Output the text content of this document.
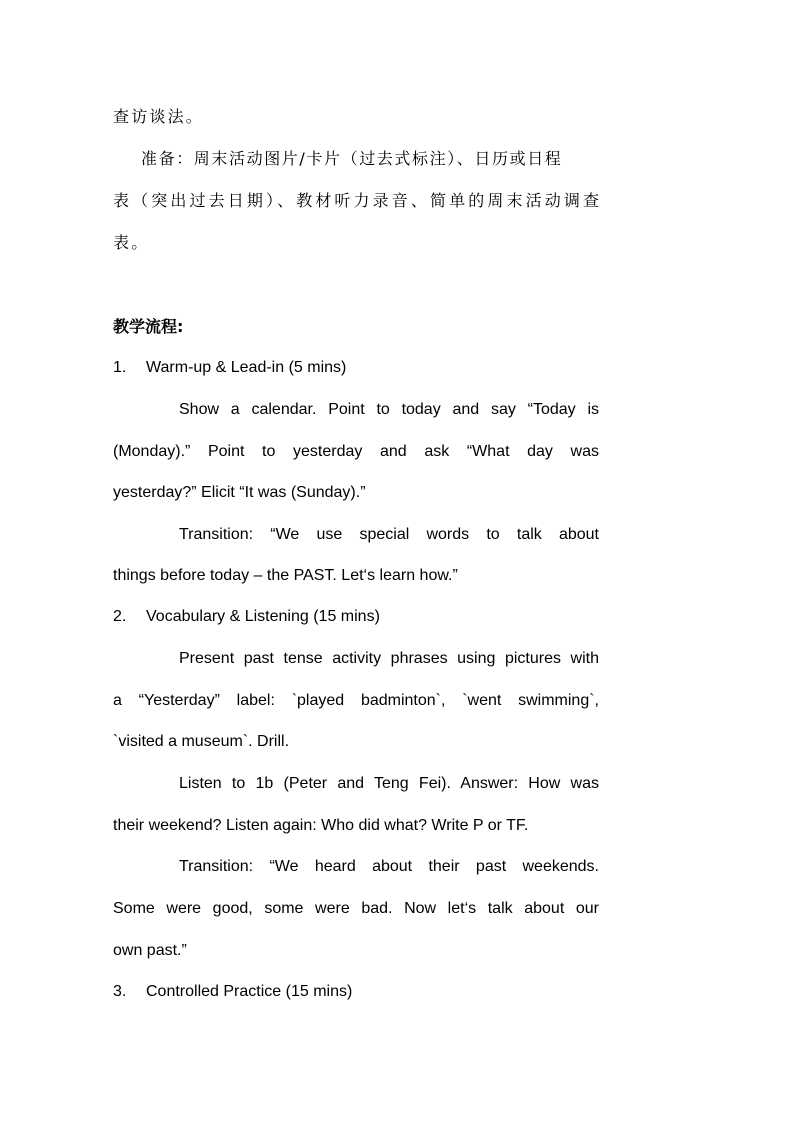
查访谈法。
准备：周末活动图片/卡片（过去式标注）、日历或日程
表（突出过去日期）、教材听力录音、简单的周末活动调查
表。
教学流程:
1. Warm-up & Lead-in (5 mins)
Show a calendar. Point to today and say “Today is
(Monday).” Point to yesterday and ask “What day was
yesterday?” Elicit “It was (Sunday).”
Transition: “We use special words to talk about
things before today – the PAST. Let‘s learn how.”
2. Vocabulary & Listening (15 mins)
Present past tense activity phrases using pictures with
a “Yesterday” label: `played badminton`, `went swimming`,
`visited a museum`. Drill.
Listen to 1b (Peter and Teng Fei). Answer: How was
their weekend? Listen again: Who did what? Write P or TF.
Transition: “We heard about their past weekends.
Some were good, some were bad. Now let‘s talk about our
own past.”
3. Controlled Practice (15 mins)
